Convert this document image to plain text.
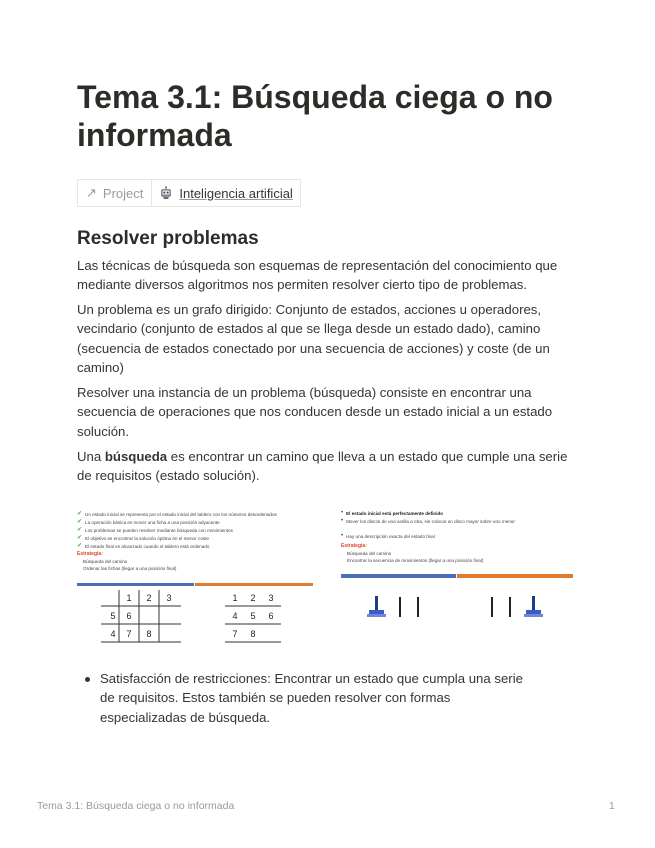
Tema 3.1: Búsqueda ciega o no informada
↗ Project	Inteligencia artificial
Resolver problemas

Las técnicas de búsqueda son esquemas de representación del conocimiento que mediante diversos algoritmos nos permiten resolver cierto tipo de problemas.

Un problema es un grafo dirigido: Conjunto de estados, acciones u operadores, vecindario (conjunto de estados al que se llega desde un estado dado), camino (secuencia de estados conectado por una secuencia de acciones) y coste (de un camino)

Resolver una instancia de un problema (búsqueda) consiste en encontrar una secuencia de operaciones que nos conducen desde un estado inicial a un estado solución.

Una búsqueda es encontrar un camino que lleva a un estado que cumple una serie de requisitos (estado solución).

✔ Un estado inicial se representa por el estado inicial del tablero con los números desordenados
✔ La operación básica es mover una ficha a una posición adyacente
✔ Los problemas se pueden resolver mediante búsqueda con movimientos
✔ El objetivo es encontrar la solución óptima en el menor coste
✔ El estado final es alcanzado cuando el tablero está ordenado
Estrategia:
Búsqueda del camino
Ordenar las fichas (llegar a una posición final)
1 2 3
5 6
4 7 8
1 2 3
4 5 6
7 8
• El estado inicial está perfectamente definido
• Mover los discos de una varilla a otra, sin colocar un disco mayor sobre uno menor
• Hay una descripción exacta del estado final
Estrategia:
Búsqueda del camino
Encontrar la secuencia de movimientos (llegar a una posición final)

Satisfacción de restricciones: Encontrar un estado que cumpla una serie de requisitos. Estos también se pueden resolver con formas especializadas de búsqueda.

Tema 3.1: Búsqueda ciega o no informada	1
